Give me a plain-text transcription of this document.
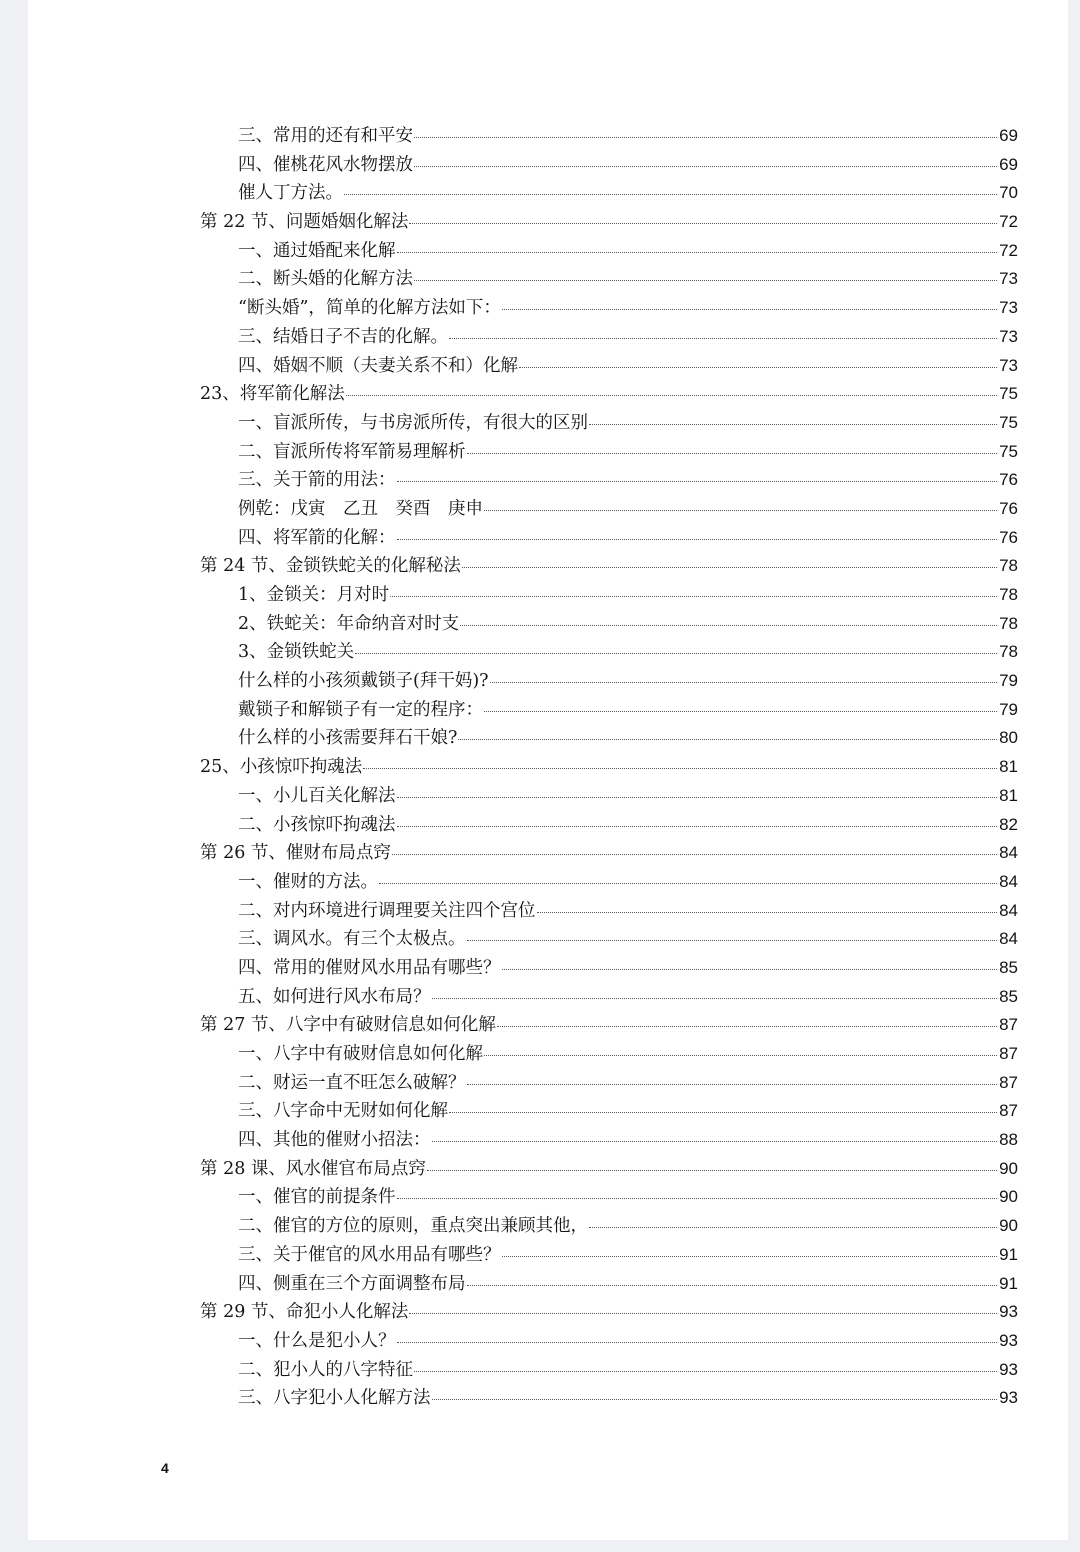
三、常用的还有和平安	69
四、催桃花风水物摆放	69
催人丁方法。	70
第 22 节、问题婚姻化解法	72
一、通过婚配来化解	72
二、断头婚的化解方法	73
“断头婚”，简单的化解方法如下：	73
三、结婚日子不吉的化解。	73
四、婚姻不顺（夫妻关系不和）化解	73
23、将军箭化解法	75
一、盲派所传，与书房派所传，有很大的区别	75
二、盲派所传将军箭易理解析	75
三、关于箭的用法：	76
例乾：戊寅　乙丑　癸酉　庚申	76
四、将军箭的化解：	76
第 24 节、金锁铁蛇关的化解秘法	78
1、金锁关：月对时	78
2、铁蛇关：年命纳音对时支	78
3、金锁铁蛇关	78
什么样的小孩须戴锁子(拜干妈)?	79
戴锁子和解锁子有一定的程序：	79
什么样的小孩需要拜石干娘?	80
25、小孩惊吓拘魂法	81
一、小儿百关化解法	81
二、小孩惊吓拘魂法	82
第 26 节、催财布局点窍	84
一、催财的方法。	84
二、对内环境进行调理要关注四个宫位	84
三、调风水。有三个太极点。	84
四、常用的催财风水用品有哪些？	85
五、如何进行风水布局？	85
第 27 节、八字中有破财信息如何化解	87
一、八字中有破财信息如何化解	87
二、财运一直不旺怎么破解？	87
三、八字命中无财如何化解	87
四、其他的催财小招法：	88
第 28 课、风水催官布局点窍	90
一、催官的前提条件	90
二、催官的方位的原则，重点突出兼顾其他，	90
三、关于催官的风水用品有哪些？	91
四、侧重在三个方面调整布局	91
第 29 节、命犯小人化解法	93
一、什么是犯小人？	93
二、犯小人的八字特征	93
三、八字犯小人化解方法	93
4
